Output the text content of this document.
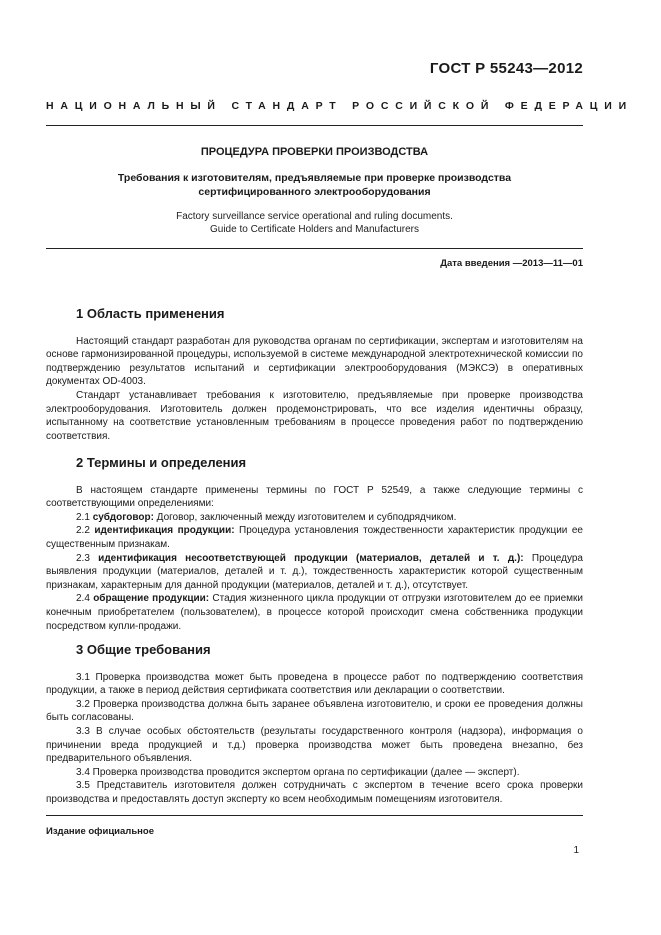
ГОСТ Р 55243—2012
НАЦИОНАЛЬНЫЙ СТАНДАРТ РОССИЙСКОЙ ФЕДЕРАЦИИ
ПРОЦЕДУРА ПРОВЕРКИ ПРОИЗВОДСТВА
Требования к изготовителям, предъявляемые при проверке производства
сертифицированного электрооборудования
Factory surveillance service operational and ruling documents.
Guide to Certificate Holders and Manufacturers
Дата введения —2013—11—01
1 Область применения

Настоящий стандарт разработан для руководства органам по сертификации, экспертам и изготовителям на основе гармонизированной процедуры, используемой в системе международной электротехнической комиссии по подтверждению результатов испытаний и сертификации электрооборудования (МЭКСЭ) в оперативных документах OD-4003.

Стандарт устанавливает требования к изготовителю, предъявляемые при проверке производства электрооборудования. Изготовитель должен продемонстрировать, что все изделия идентичны образцу, испытанному на соответствие установленным требованиям в процессе проведения работ по подтверждению соответствия.

2 Термины и определения

В настоящем стандарте применены термины по ГОСТ Р 52549, а также следующие термины с соответствующими определениями:

2.1 субдоговор: Договор, заключенный между изготовителем и субподрядчиком.

2.2 идентификация продукции: Процедура установления тождественности характеристик продукции ее существенным признакам.

2.3 идентификация несоответствующей продукции (материалов, деталей и т. д.): Процедура выявления продукции (материалов, деталей и т. д.), тождественность характеристик которой существенным признакам, характерным для данной продукции (материалов, деталей и т. д.), отсутствует.

2.4 обращение продукции: Стадия жизненного цикла продукции от отгрузки изготовителем до ее приемки конечным приобретателем (пользователем), в процессе которой происходит смена собственника продукции посредством купли-продажи.

3 Общие требования

3.1 Проверка производства может быть проведена в процессе работ по подтверждению соответствия продукции, а также в период действия сертификата соответствия или декларации о соответствии.

3.2 Проверка производства должна быть заранее объявлена изготовителю, и сроки ее проведения должны быть согласованы.

3.3 В случае особых обстоятельств (результаты государственного контроля (надзора), информация о причинении вреда продукцией и т.д.) проверка производства может быть проведена внезапно, без предварительного объявления.

3.4 Проверка производства проводится экспертом органа по сертификации (далее — эксперт).

3.5 Представитель изготовителя должен сотрудничать с экспертом в течение всего срока проверки производства и предоставлять доступ эксперту ко всем необходимым помещениям изготовителя.

Издание официальное
1
